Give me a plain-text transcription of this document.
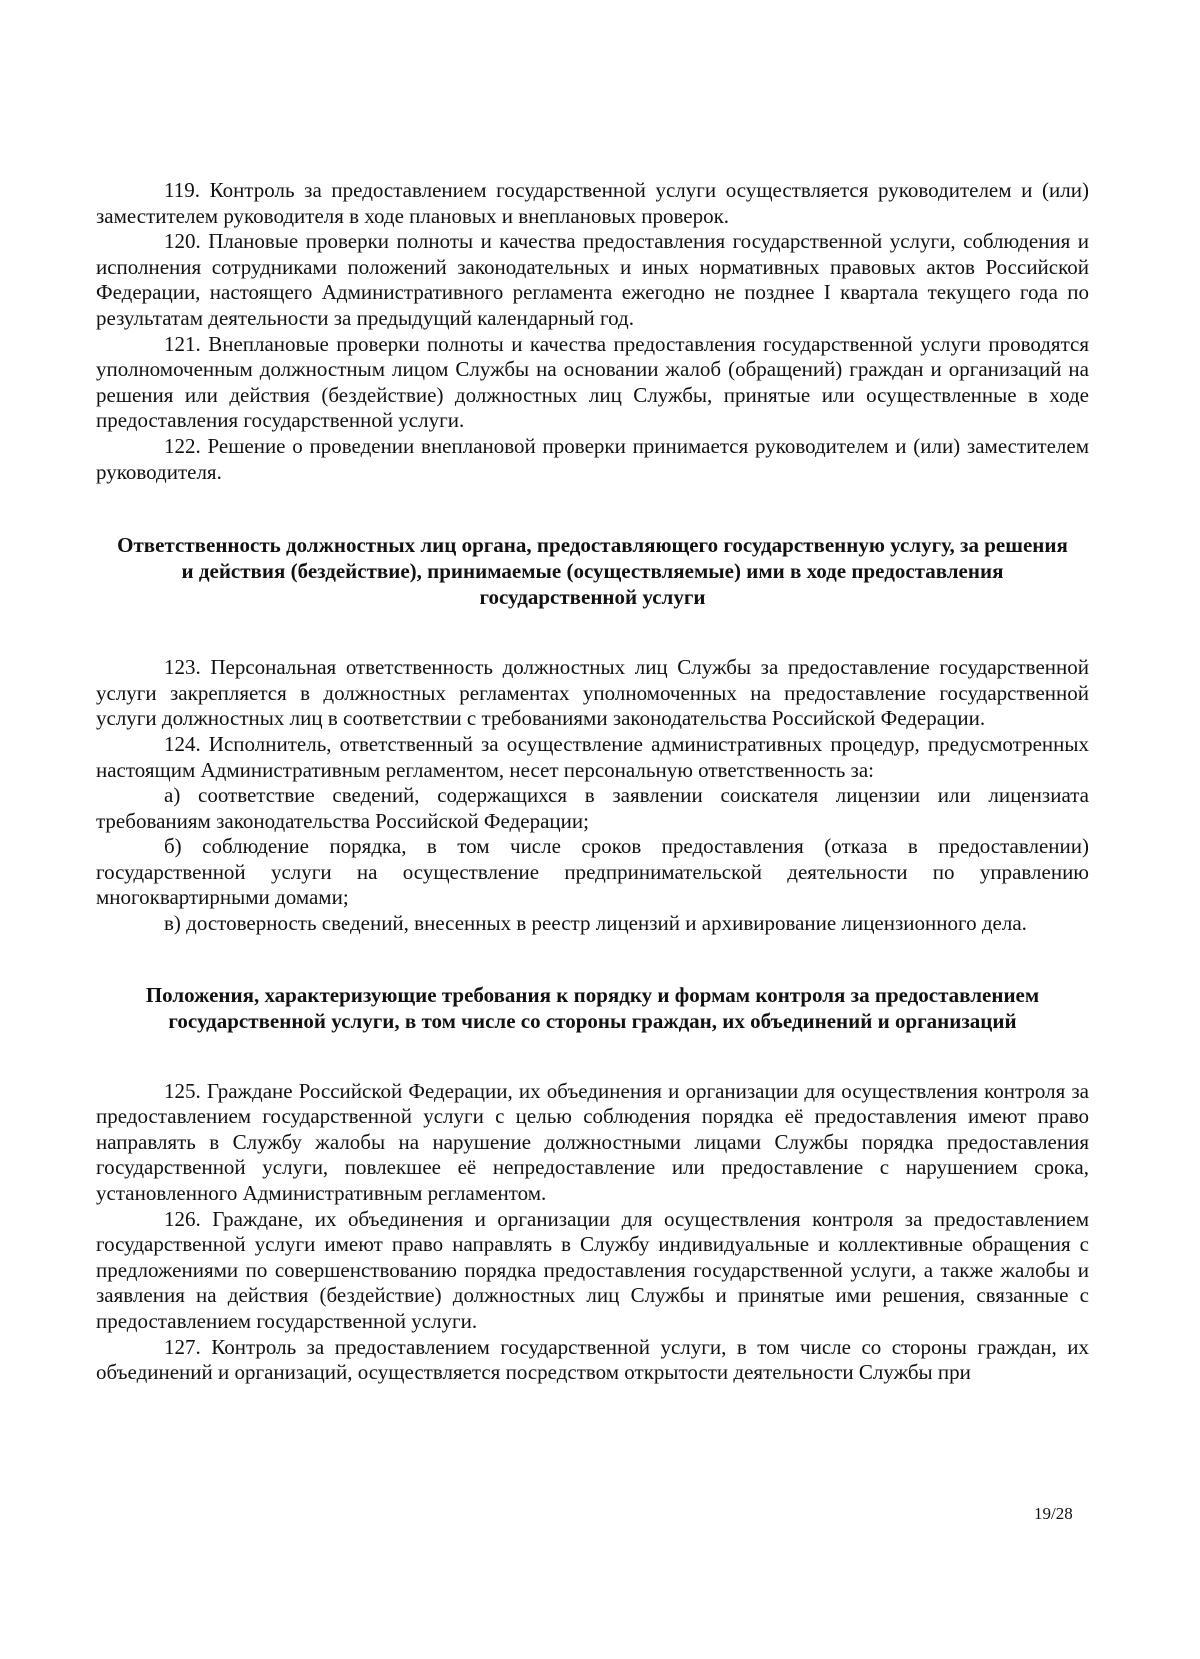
119. Контроль за предоставлением государственной услуги осуществляется руководителем и (или) заместителем руководителя в ходе плановых и внеплановых проверок.

120. Плановые проверки полноты и качества предоставления государственной услуги, соблюдения и исполнения сотрудниками положений законодательных и иных нормативных правовых актов Российской Федерации, настоящего Административного регламента ежегодно не позднее I квартала текущего года по результатам деятельности за предыдущий календарный год.

121. Внеплановые проверки полноты и качества предоставления государственной услуги проводятся уполномоченным должностным лицом Службы на основании жалоб (обращений) граждан и организаций на решения или действия (бездействие) должностных лиц Службы, принятые или осуществленные в ходе предоставления государственной услуги.

122. Решение о проведении внеплановой проверки принимается руководителем и (или) заместителем руководителя.

Ответственность должностных лиц органа, предоставляющего государственную услугу, за решения и действия (бездействие), принимаемые (осуществляемые) ими в ходе предоставления государственной услуги

123. Персональная ответственность должностных лиц Службы за предоставление государственной услуги закрепляется в должностных регламентах уполномоченных на предоставление государственной услуги должностных лиц в соответствии с требованиями законодательства Российской Федерации.

124. Исполнитель, ответственный за осуществление административных процедур, предусмотренных настоящим Административным регламентом, несет персональную ответственность за:

а) соответствие сведений, содержащихся в заявлении соискателя лицензии или лицензиата требованиям законодательства Российской Федерации;

б) соблюдение порядка, в том числе сроков предоставления (отказа в предоставлении) государственной услуги на осуществление предпринимательской деятельности по управлению многоквартирными домами;

в) достоверность сведений, внесенных в реестр лицензий и архивирование лицензионного дела.

Положения, характеризующие требования к порядку и формам контроля за предоставлением государственной услуги, в том числе со стороны граждан, их объединений и организаций

125. Граждане Российской Федерации, их объединения и организации для осуществления контроля за предоставлением государственной услуги с целью соблюдения порядка её предоставления имеют право направлять в Службу жалобы на нарушение должностными лицами Службы порядка предоставления государственной услуги, повлекшее её непредоставление или предоставление с нарушением срока, установленного Административным регламентом.

126. Граждане, их объединения и организации для осуществления контроля за предоставлением государственной услуги имеют право направлять в Службу индивидуальные и коллективные обращения с предложениями по совершенствованию порядка предоставления государственной услуги, а также жалобы и заявления на действия (бездействие) должностных лиц Службы и принятые ими решения, связанные с предоставлением государственной услуги.

127. Контроль за предоставлением государственной услуги, в том числе со стороны граждан, их объединений и организаций, осуществляется посредством открытости деятельности Службы при

19/28
